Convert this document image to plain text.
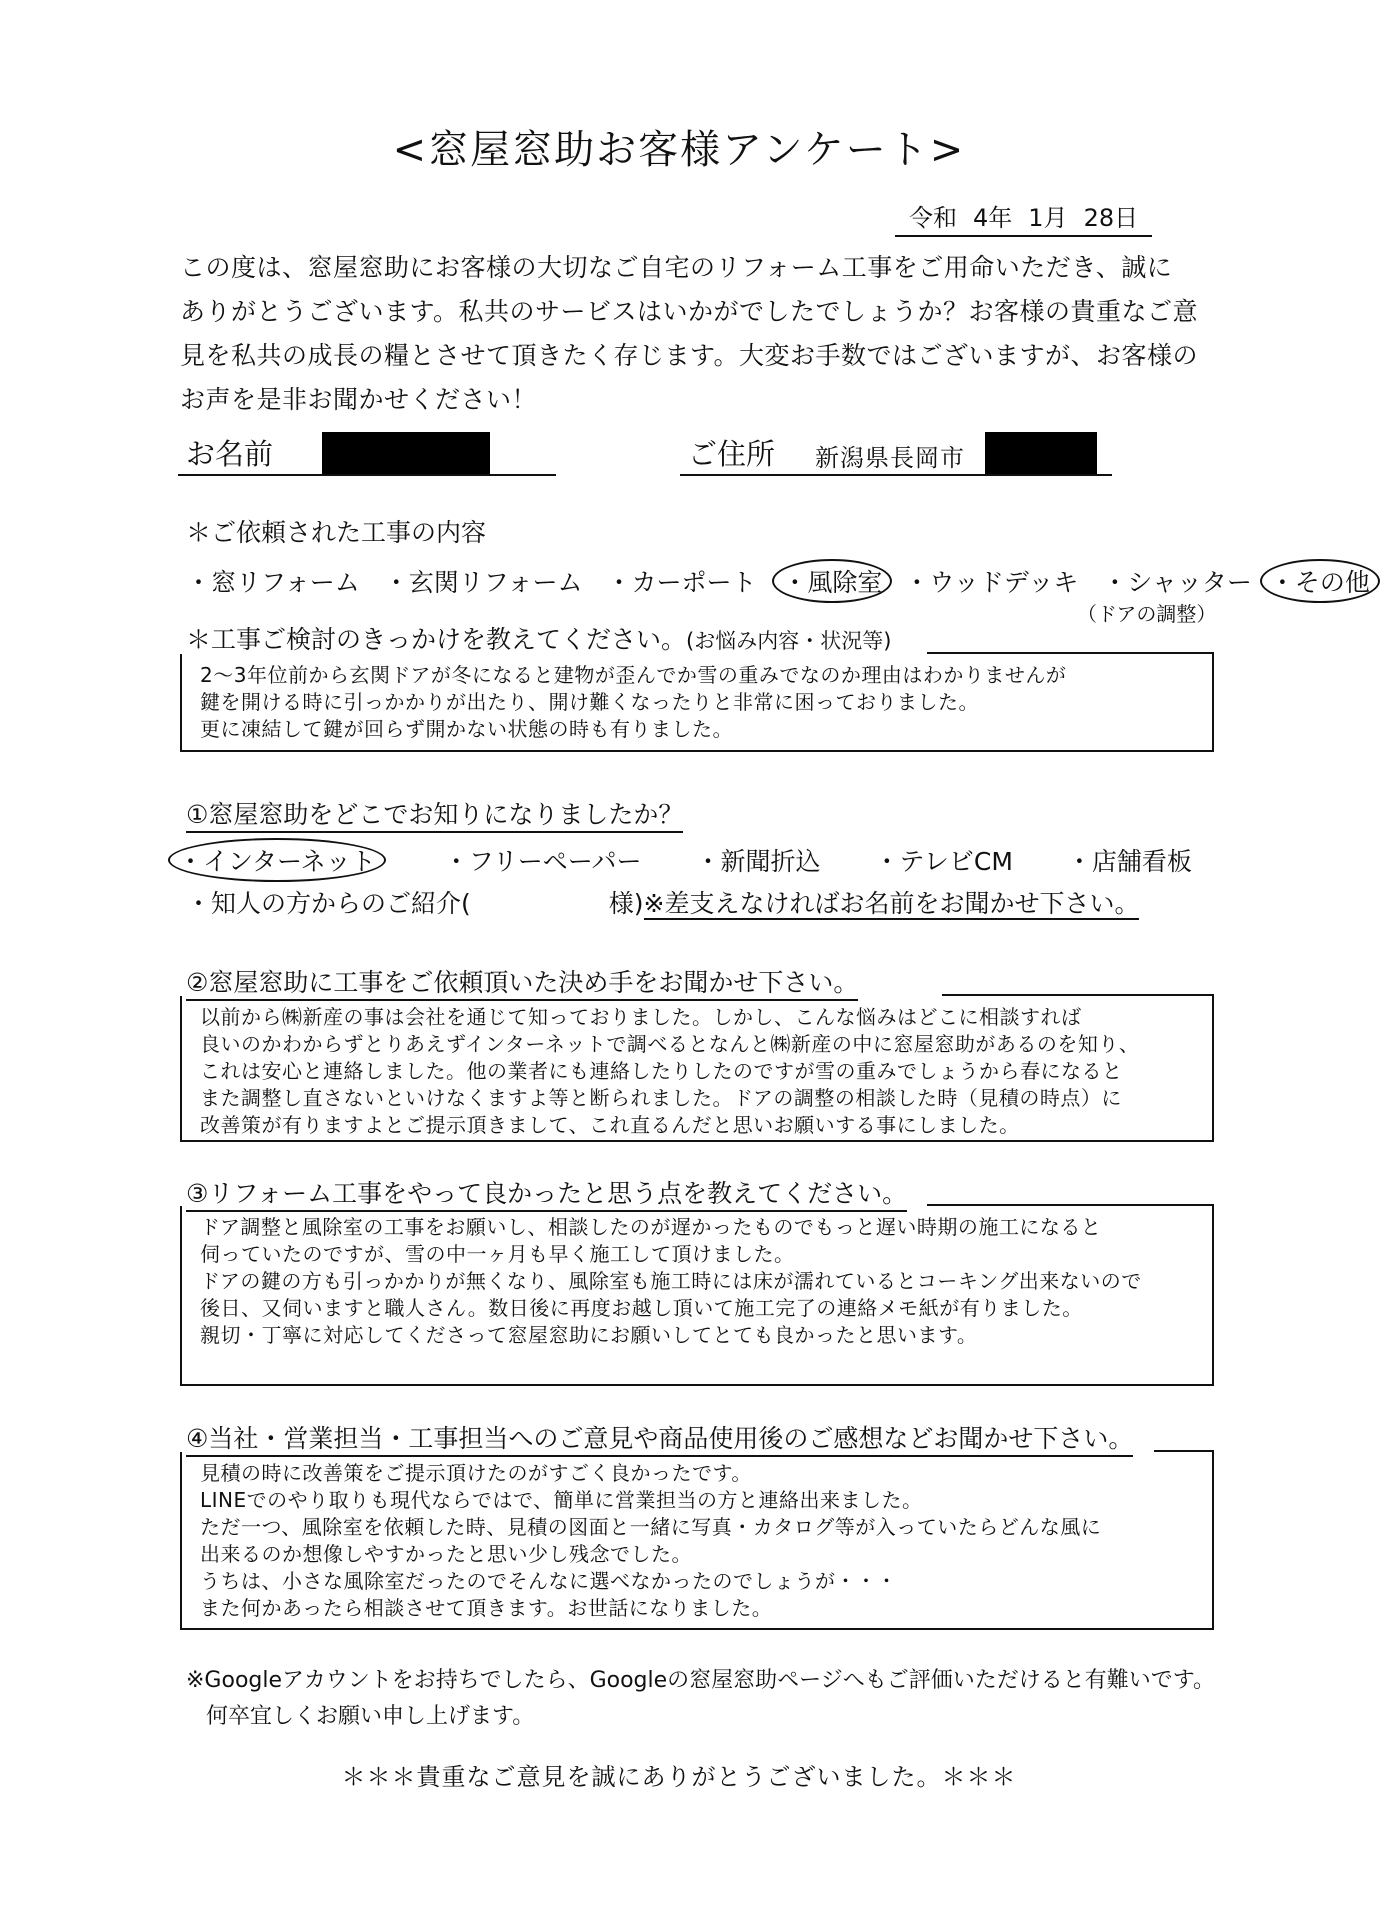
<窓屋窓助お客様アンケート>
令和 4年 1月 28日
この度は、窓屋窓助にお客様の大切なご自宅のリフォーム工事をご用命いただき、誠に
ありがとうございます。私共のサービスはいかがでしたでしょうか？お客様の貴重なご意
見を私共の成長の糧とさせて頂きたく存じます。大変お手数ではございますが、お客様の
お声を是非お聞かせください！
お名前	ご住所 新潟県長岡市
＊ご依頼された工事の内容
・窓リフォーム ・玄関リフォーム ・カーポート ・風除室 ・ウッドデッキ ・シャッター ・その他
（ドアの調整）
＊工事ご検討のきっかけを教えてください。(お悩み内容・状況等)
2～3年位前から玄関ドアが冬になると建物が歪んでか雪の重みでなのか理由はわかりませんが
鍵を開ける時に引っかかりが出たり、開け難くなったりと非常に困っておりました。
更に凍結して鍵が回らず開かない状態の時も有りました。
①窓屋窓助をどこでお知りになりましたか？
・インターネット	・フリーペーパー ・新聞折込 ・テレビCM ・店舗看板
・知人の方からのご紹介(	様)※差支えなければお名前をお聞かせ下さい。
②窓屋窓助に工事をご依頼頂いた決め手をお聞かせ下さい。
以前から㈱新産の事は会社を通じて知っておりました。しかし、こんな悩みはどこに相談すれば
良いのかわからずとりあえずインターネットで調べるとなんと㈱新産の中に窓屋窓助があるのを知り、
これは安心と連絡しました。他の業者にも連絡したりしたのですが雪の重みでしょうから春になると
また調整し直さないといけなくますよ等と断られました。ドアの調整の相談した時（見積の時点）に
改善策が有りますよとご提示頂きまして、これ直るんだと思いお願いする事にしました。
③リフォーム工事をやって良かったと思う点を教えてください。
ドア調整と風除室の工事をお願いし、相談したのが遅かったものでもっと遅い時期の施工になると
伺っていたのですが、雪の中一ヶ月も早く施工して頂けました。
ドアの鍵の方も引っかかりが無くなり、風除室も施工時には床が濡れているとコーキング出来ないので
後日、又伺いますと職人さん。数日後に再度お越し頂いて施工完了の連絡メモ紙が有りました。
親切・丁寧に対応してくださって窓屋窓助にお願いしてとても良かったと思います。
④当社・営業担当・工事担当へのご意見や商品使用後のご感想などお聞かせ下さい。
見積の時に改善策をご提示頂けたのがすごく良かったです。
LINEでのやり取りも現代ならではで、簡単に営業担当の方と連絡出来ました。
ただ一つ、風除室を依頼した時、見積の図面と一緒に写真・カタログ等が入っていたらどんな風に
出来るのか想像しやすかったと思い少し残念でした。
うちは、小さな風除室だったのでそんなに選べなかったのでしょうが・・・
また何かあったら相談させて頂きます。お世話になりました。
※Googleアカウントをお持ちでしたら、Googleの窓屋窓助ページへもご評価いただけると有難いです。
何卒宜しくお願い申し上げます。
＊＊＊貴重なご意見を誠にありがとうございました。＊＊＊
